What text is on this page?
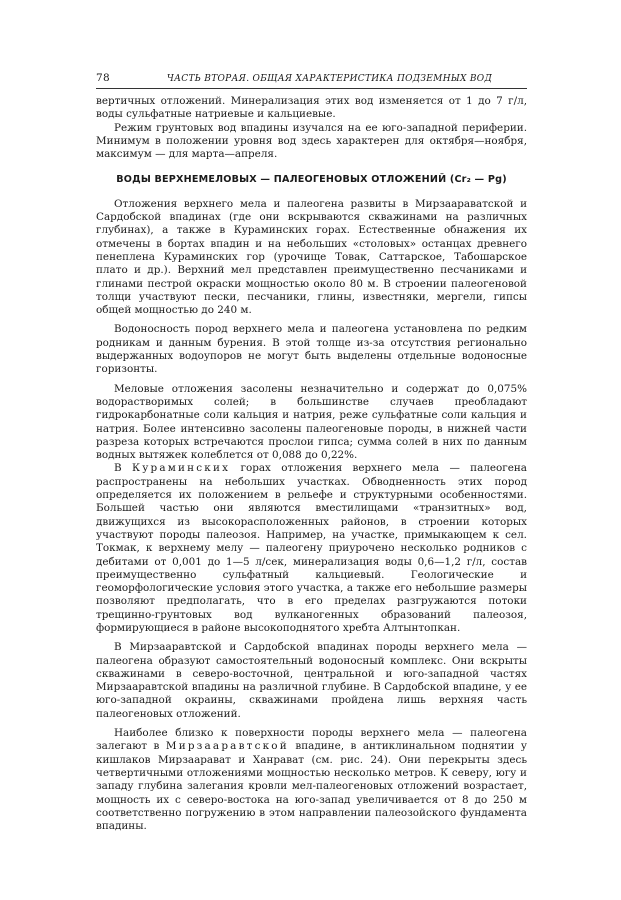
78	ЧАСТЬ ВТОРАЯ. ОБЩАЯ ХАРАКТЕРИСТИКА ПОДЗЕМНЫХ ВОД

вертичных отложений. Минерализация этих вод изменяется от 1 до 7 г/л, воды сульфатные натриевые и кальциевые.

Режим грунтовых вод впадины изучался на ее юго-западной периферии. Минимум в положении уровня вод здесь характерен для октября—ноября, максимум — для марта—апреля.

ВОДЫ ВЕРХНЕМЕЛОВЫХ — ПАЛЕОГЕНОВЫХ ОТЛОЖЕНИЙ (Cr₂ — Pg)

Отложения верхнего мела и палеогена развиты в Мирзаараватской и Сардобской впадинах (где они вскрываются скважинами на различных глубинах), а также в Кураминских горах. Естественные обнажения их отмечены в бортах впадин и на небольших «столовых» останцах древнего пенеплена Кураминских гор (урочище Товак, Саттарское, Табошарское плато и др.). Верхний мел представлен преимущественно песчаниками и глинами пестрой окраски мощностью около 80 м. В строении палеогеновой толщи участвуют пески, песчаники, глины, известняки, мергели, гипсы общей мощностью до 240 м.

Водоносность пород верхнего мела и палеогена установлена по редким родникам и данным бурения. В этой толще из-за отсутствия регионально выдержанных водоупоров не могут быть выделены отдельные водоносные горизонты.

Меловые отложения засолены незначительно и содержат до 0,075% водорастворимых солей; в большинстве случаев преобладают гидрокарбонатные соли кальция и натрия, реже сульфатные соли кальция и натрия. Более интенсивно засолены палеогеновые породы, в нижней части разреза которых встречаются прослои гипса; сумма солей в них по данным водных вытяжек колеблется от 0,088 до 0,22%.

В Кураминских горах отложения верхнего мела — палеогена распространены на небольших участках. Обводненность этих пород определяется их положением в рельефе и структурными особенностями. Большей частью они являются вместилищами «транзитных» вод, движущихся из высокорасположенных районов, в строении которых участвуют породы палеозоя. Например, на участке, примыкающем к сел. Токмак, к верхнему мелу — палеогену приурочено несколько родников с дебитами от 0,001 до 1—5 л/сек, минерализация воды 0,6—1,2 г/л, состав преимущественно сульфатный кальциевый. Геологические и геоморфологические условия этого участка, а также его небольшие размеры позволяют предполагать, что в его пределах разгружаются потоки трещинно-грунтовых вод вулканогенных образований палеозоя, формирующиеся в районе высокоподнятого хребта Алтынтопкан.

В Мирзааравтской и Сардобской впадинах породы верхнего мела — палеогена образуют самостоятельный водоносный комплекс. Они вскрыты скважинами в северо-восточной, центральной и юго-западной частях Мирзааравтской впадины на различной глубине. В Сардобской впадине, у ее юго-западной окраины, скважинами пройдена лишь верхняя часть палеогеновых отложений.

Наиболее близко к поверхности породы верхнего мела — палеогена залегают в Мирзааравтской впадине, в антиклинальном поднятии у кишлаков Мирзаарават и Ханрават (см. рис. 24). Они перекрыты здесь четвертичными отложениями мощностью несколько метров. К северу, югу и западу глубина залегания кровли мел-палеогеновых отложений возрастает, мощность их с северо-востока на юго-запад увеличивается от 8 до 250 м соответственно погружению в этом направлении палеозойского фундамента впадины.
